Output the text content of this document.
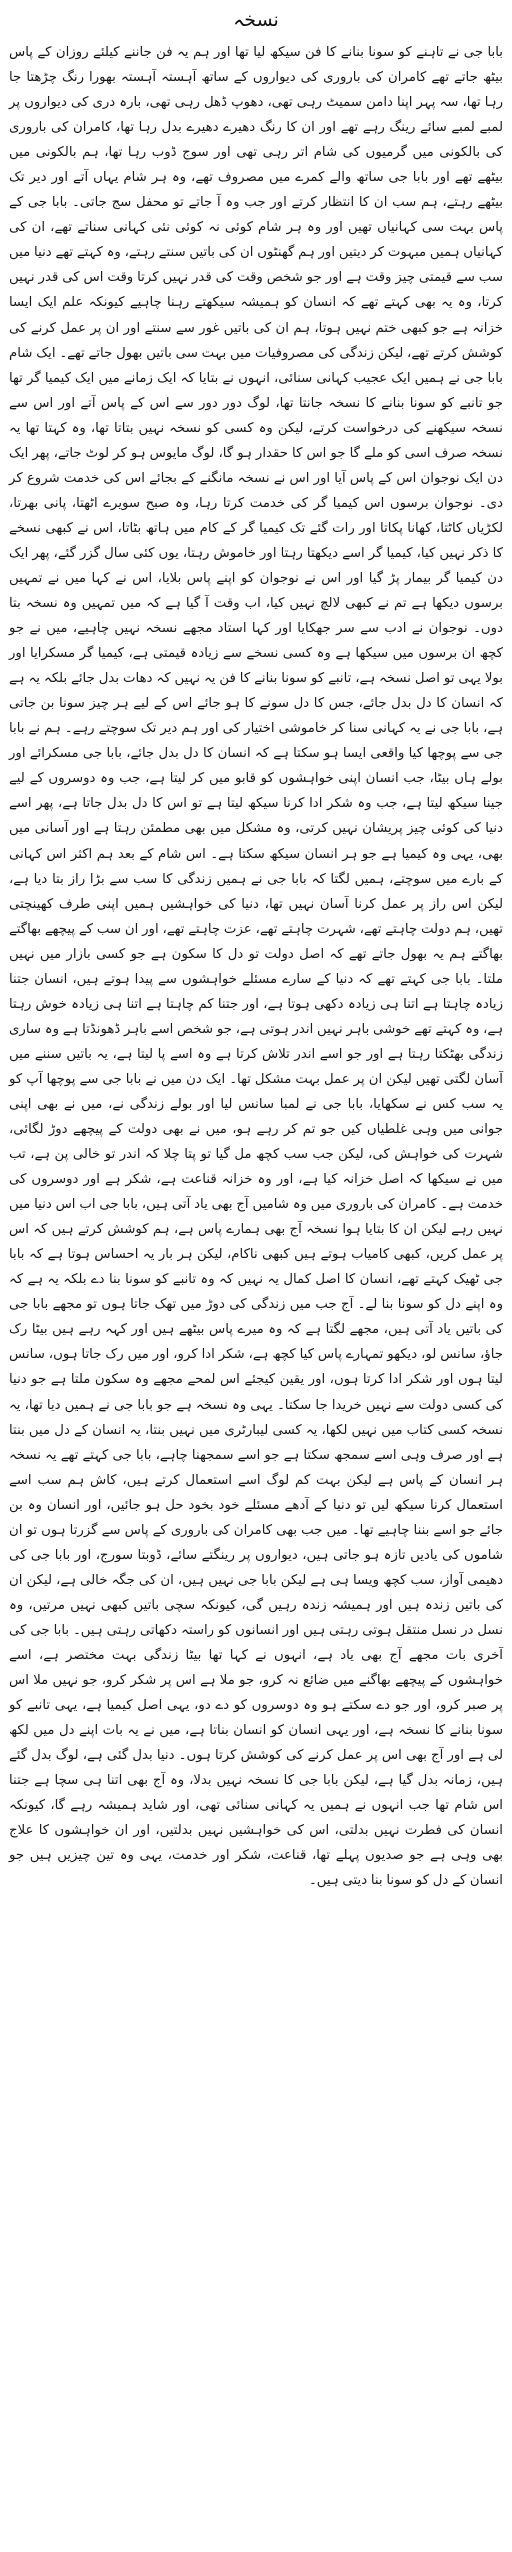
نسخہ
بابا جی نے تاہنے کو سونا بنانے کا فن سیکھ لیا تھا اور ہم یہ فن جاننے کیلئے روزان کے پاس بیٹھ جاتے تھے کامران کی باروری کی دیواروں کے ساتھ آہستہ آہستہ بھورا رنگ چڑھتا جا رہا تھا، سہ پہر اپنا دامن سمیٹ رہی تھی، دھوپ ڈھل رہی تھی، بارہ دری کی دیواروں پر لمبے لمبے سائے رینگ رہے تھے اور ان کا رنگ دھیرے دھیرے بدل رہا تھا، کامران کی باروری کی بالکونی میں گرمیوں کی شام اتر رہی تھی اور سوج ڈوب رہا تھا، ہم بالکونی میں بیٹھے تھے اور بابا جی ساتھ والے کمرے میں مصروف تھے، وہ ہر شام یہاں آتے اور دیر تک بیٹھے رہتے، ہم سب ان کا انتظار کرتے اور جب وہ آ جاتے تو محفل سج جاتی۔ بابا جی کے پاس بہت سی کہانیاں تھیں اور وہ ہر شام کوئی نہ کوئی نئی کہانی سناتے تھے، ان کی کہانیاں ہمیں مبہوت کر دیتیں اور ہم گھنٹوں ان کی باتیں سنتے رہتے، وہ کہتے تھے دنیا میں سب سے قیمتی چیز وقت ہے اور جو شخص وقت کی قدر نہیں کرتا وقت اس کی قدر نہیں کرتا، وہ یہ بھی کہتے تھے کہ انسان کو ہمیشہ سیکھتے رہنا چاہیے کیونکہ علم ایک ایسا خزانہ ہے جو کبھی ختم نہیں ہوتا، ہم ان کی باتیں غور سے سنتے اور ان پر عمل کرنے کی کوشش کرتے تھے، لیکن زندگی کی مصروفیات میں بہت سی باتیں بھول جاتے تھے۔ ایک شام بابا جی نے ہمیں ایک عجیب کہانی سنائی، انہوں نے بتایا کہ ایک زمانے میں ایک کیمیا گر تھا جو تانبے کو سونا بنانے کا نسخہ جانتا تھا، لوگ دور دور سے اس کے پاس آتے اور اس سے نسخہ سیکھنے کی درخواست کرتے، لیکن وہ کسی کو نسخہ نہیں بتاتا تھا، وہ کہتا تھا یہ نسخہ صرف اسی کو ملے گا جو اس کا حقدار ہو گا، لوگ مایوس ہو کر لوٹ جاتے، پھر ایک دن ایک نوجوان اس کے پاس آیا اور اس نے نسخہ مانگنے کے بجائے اس کی خدمت شروع کر دی۔ نوجوان برسوں اس کیمیا گر کی خدمت کرتا رہا، وہ صبح سویرے اٹھتا، پانی بھرتا، لکڑیاں کاٹتا، کھانا پکاتا اور رات گئے تک کیمیا گر کے کام میں ہاتھ بٹاتا، اس نے کبھی نسخے کا ذکر نہیں کیا، کیمیا گر اسے دیکھتا رہتا اور خاموش رہتا، یوں کئی سال گزر گئے، پھر ایک دن کیمیا گر بیمار پڑ گیا اور اس نے نوجوان کو اپنے پاس بلایا، اس نے کہا میں نے تمہیں برسوں دیکھا ہے تم نے کبھی لالچ نہیں کیا، اب وقت آ گیا ہے کہ میں تمہیں وہ نسخہ بتا دوں۔ نوجوان نے ادب سے سر جھکایا اور کہا استاد مجھے نسخہ نہیں چاہیے، میں نے جو کچھ ان برسوں میں سیکھا ہے وہ کسی نسخے سے زیادہ قیمتی ہے، کیمیا گر مسکرایا اور بولا یہی تو اصل نسخہ ہے، تانبے کو سونا بنانے کا فن یہ نہیں کہ دھات بدل جائے بلکہ یہ ہے کہ انسان کا دل بدل جائے، جس کا دل سونے کا ہو جائے اس کے لیے ہر چیز سونا بن جاتی ہے، بابا جی نے یہ کہانی سنا کر خاموشی اختیار کی اور ہم دیر تک سوچتے رہے۔ ہم نے بابا جی سے پوچھا کیا واقعی ایسا ہو سکتا ہے کہ انسان کا دل بدل جائے، بابا جی مسکرائے اور بولے ہاں بیٹا، جب انسان اپنی خواہشوں کو قابو میں کر لیتا ہے، جب وہ دوسروں کے لیے جینا سیکھ لیتا ہے، جب وہ شکر ادا کرنا سیکھ لیتا ہے تو اس کا دل بدل جاتا ہے، پھر اسے دنیا کی کوئی چیز پریشان نہیں کرتی، وہ مشکل میں بھی مطمئن رہتا ہے اور آسانی میں بھی، یہی وہ کیمیا ہے جو ہر انسان سیکھ سکتا ہے۔ اس شام کے بعد ہم اکثر اس کہانی کے بارے میں سوچتے، ہمیں لگتا کہ بابا جی نے ہمیں زندگی کا سب سے بڑا راز بتا دیا ہے، لیکن اس راز پر عمل کرنا آسان نہیں تھا، دنیا کی خواہشیں ہمیں اپنی طرف کھینچتی تھیں، ہم دولت چاہتے تھے، شہرت چاہتے تھے، عزت چاہتے تھے، اور ان سب کے پیچھے بھاگتے بھاگتے ہم یہ بھول جاتے تھے کہ اصل دولت تو دل کا سکون ہے جو کسی بازار میں نہیں ملتا۔ بابا جی کہتے تھے کہ دنیا کے سارے مسئلے خواہشوں سے پیدا ہوتے ہیں، انسان جتنا زیادہ چاہتا ہے اتنا ہی زیادہ دکھی ہوتا ہے، اور جتنا کم چاہتا ہے اتنا ہی زیادہ خوش رہتا ہے، وہ کہتے تھے خوشی باہر نہیں اندر ہوتی ہے، جو شخص اسے باہر ڈھونڈتا ہے وہ ساری زندگی بھٹکتا رہتا ہے اور جو اسے اندر تلاش کرتا ہے وہ اسے پا لیتا ہے، یہ باتیں سننے میں آسان لگتی تھیں لیکن ان پر عمل بہت مشکل تھا۔ ایک دن میں نے بابا جی سے پوچھا آپ کو یہ سب کس نے سکھایا، بابا جی نے لمبا سانس لیا اور بولے زندگی نے، میں نے بھی اپنی جوانی میں وہی غلطیاں کیں جو تم کر رہے ہو، میں نے بھی دولت کے پیچھے دوڑ لگائی، شہرت کی خواہش کی، لیکن جب سب کچھ مل گیا تو پتا چلا کہ اندر تو خالی پن ہے، تب میں نے سیکھا کہ اصل خزانہ کیا ہے، اور وہ خزانہ قناعت ہے، شکر ہے اور دوسروں کی خدمت ہے۔ کامران کی باروری میں وہ شامیں آج بھی یاد آتی ہیں، بابا جی اب اس دنیا میں نہیں رہے لیکن ان کا بتایا ہوا نسخہ آج بھی ہمارے پاس ہے، ہم کوشش کرتے ہیں کہ اس پر عمل کریں، کبھی کامیاب ہوتے ہیں کبھی ناکام، لیکن ہر بار یہ احساس ہوتا ہے کہ بابا جی ٹھیک کہتے تھے، انسان کا اصل کمال یہ نہیں کہ وہ تانبے کو سونا بنا دے بلکہ یہ ہے کہ وہ اپنے دل کو سونا بنا لے۔ آج جب میں زندگی کی دوڑ میں تھک جاتا ہوں تو مجھے بابا جی کی باتیں یاد آتی ہیں، مجھے لگتا ہے کہ وہ میرے پاس بیٹھے ہیں اور کہہ رہے ہیں بیٹا رک جاؤ، سانس لو، دیکھو تمہارے پاس کیا کچھ ہے، شکر ادا کرو، اور میں رک جاتا ہوں، سانس لیتا ہوں اور شکر ادا کرتا ہوں، اور یقین کیجئے اس لمحے مجھے وہ سکون ملتا ہے جو دنیا کی کسی دولت سے نہیں خریدا جا سکتا۔ یہی وہ نسخہ ہے جو بابا جی نے ہمیں دیا تھا، یہ نسخہ کسی کتاب میں نہیں لکھا، یہ کسی لیبارٹری میں نہیں بنتا، یہ انسان کے دل میں بنتا ہے اور صرف وہی اسے سمجھ سکتا ہے جو اسے سمجھنا چاہے، بابا جی کہتے تھے یہ نسخہ ہر انسان کے پاس ہے لیکن بہت کم لوگ اسے استعمال کرتے ہیں، کاش ہم سب اسے استعمال کرنا سیکھ لیں تو دنیا کے آدھے مسئلے خود بخود حل ہو جائیں، اور انسان وہ بن جائے جو اسے بننا چاہیے تھا۔ میں جب بھی کامران کی باروری کے پاس سے گزرتا ہوں تو ان شاموں کی یادیں تازہ ہو جاتی ہیں، دیواروں پر رینگتے سائے، ڈوبتا سورج، اور بابا جی کی دھیمی آواز، سب کچھ ویسا ہی ہے لیکن بابا جی نہیں ہیں، ان کی جگہ خالی ہے، لیکن ان کی باتیں زندہ ہیں اور ہمیشہ زندہ رہیں گی، کیونکہ سچی باتیں کبھی نہیں مرتیں، وہ نسل در نسل منتقل ہوتی رہتی ہیں اور انسانوں کو راستہ دکھاتی رہتی ہیں۔ بابا جی کی آخری بات مجھے آج بھی یاد ہے، انہوں نے کہا تھا بیٹا زندگی بہت مختصر ہے، اسے خواہشوں کے پیچھے بھاگنے میں ضائع نہ کرو، جو ملا ہے اس پر شکر کرو، جو نہیں ملا اس پر صبر کرو، اور جو دے سکتے ہو وہ دوسروں کو دے دو، یہی اصل کیمیا ہے، یہی تانبے کو سونا بنانے کا نسخہ ہے، اور یہی انسان کو انسان بناتا ہے، میں نے یہ بات اپنے دل میں لکھ لی ہے اور آج بھی اس پر عمل کرنے کی کوشش کرتا ہوں۔ دنیا بدل گئی ہے، لوگ بدل گئے ہیں، زمانہ بدل گیا ہے، لیکن بابا جی کا نسخہ نہیں بدلا، وہ آج بھی اتنا ہی سچا ہے جتنا اس شام تھا جب انہوں نے ہمیں یہ کہانی سنائی تھی، اور شاید ہمیشہ رہے گا، کیونکہ انسان کی فطرت نہیں بدلتی، اس کی خواہشیں نہیں بدلتیں، اور ان خواہشوں کا علاج بھی وہی ہے جو صدیوں پہلے تھا، قناعت، شکر اور خدمت، یہی وہ تین چیزیں ہیں جو انسان کے دل کو سونا بنا دیتی ہیں۔
